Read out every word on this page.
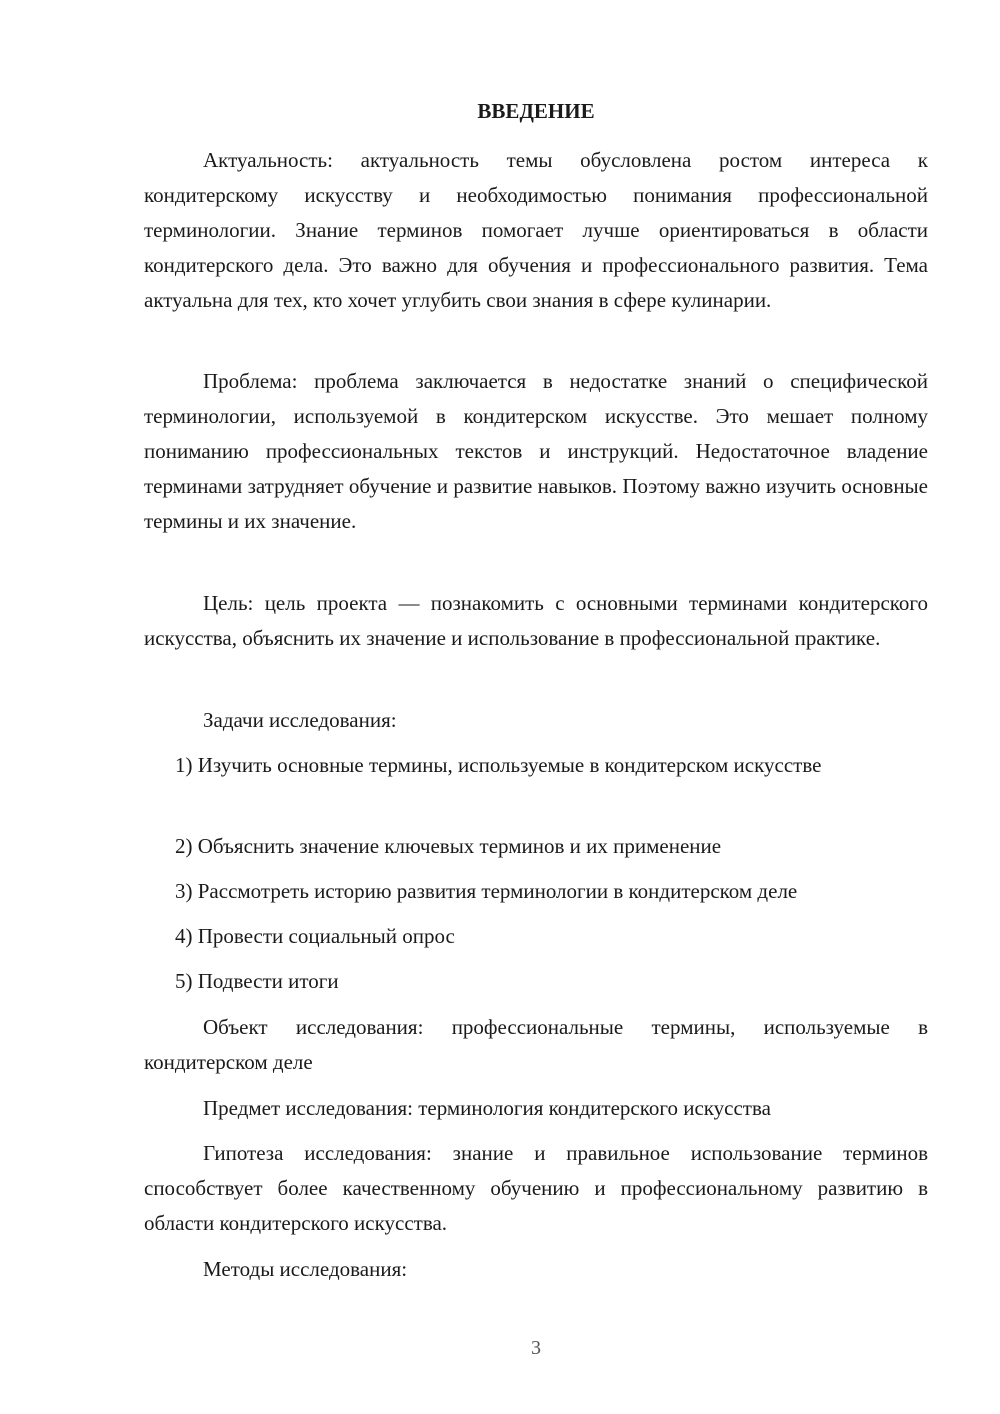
ВВЕДЕНИЕ

Актуальность: актуальность темы обусловлена ростом интереса к кондитерскому искусству и необходимостью понимания профессиональной терминологии. Знание терминов помогает лучше ориентироваться в области кондитерского дела. Это важно для обучения и профессионального развития. Тема актуальна для тех, кто хочет углубить свои знания в сфере кулинарии.

Проблема: проблема заключается в недостатке знаний о специфической терминологии, используемой в кондитерском искусстве. Это мешает полному пониманию профессиональных текстов и инструкций. Недостаточное владение терминами затрудняет обучение и развитие навыков. Поэтому важно изучить основные термины и их значение.

Цель: цель проекта — познакомить с основными терминами кондитерского искусства, объяснить их значение и использование в профессиональной практике.

Задачи исследования:

1) Изучить основные термины, используемые в кондитерском искусстве

2) Объяснить значение ключевых терминов и их применение

3) Рассмотреть историю развития терминологии в кондитерском деле

4) Провести социальный опрос

5) Подвести итоги

Объект исследования: профессиональные термины, используемые в кондитерском деле

Предмет исследования: терминология кондитерского искусства

Гипотеза исследования: знание и правильное использование терминов способствует более качественному обучению и профессиональному развитию в области кондитерского искусства.

Методы исследования:

3
